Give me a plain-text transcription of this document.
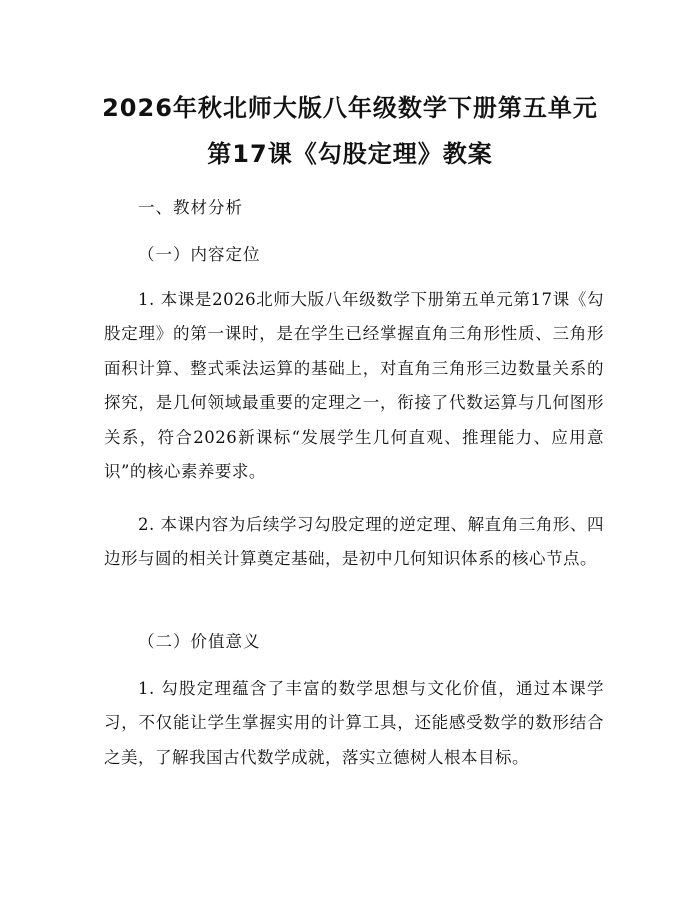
2026年秋北师大版八年级数学下册第五单元
第17课《勾股定理》教案
一、教材分析
（一）内容定位
1. 本课是2026北师大版八年级数学下册第五单元第17课《勾股定理》的第一课时，是在学生已经掌握直角三角形性质、三角形面积计算、整式乘法运算的基础上，对直角三角形三边数量关系的探究，是几何领域最重要的定理之一，衔接了代数运算与几何图形关系，符合2026新课标“发展学生几何直观、推理能力、应用意识”的核心素养要求。
2. 本课内容为后续学习勾股定理的逆定理、解直角三角形、四边形与圆的相关计算奠定基础，是初中几何知识体系的核心节点。
（二）价值意义
1. 勾股定理蕴含了丰富的数学思想与文化价值，通过本课学习，不仅能让学生掌握实用的计算工具，还能感受数学的数形结合之美，了解我国古代数学成就，落实立德树人根本目标。
